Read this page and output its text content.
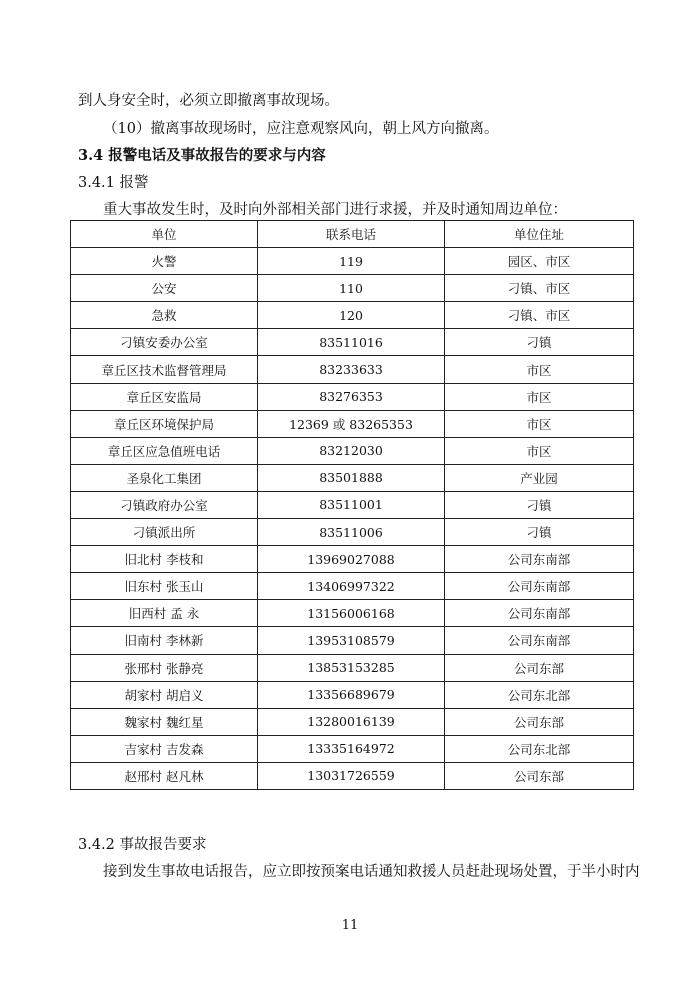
到人身安全时，必须立即撤离事故现场。
（10）撤离事故现场时，应注意观察风向，朝上风方向撤离。
3.4 报警电话及事故报告的要求与内容
3.4.1 报警
重大事故发生时，及时向外部相关部门进行求援，并及时通知周边单位：
单位	联系电话	单位住址
火警	119	园区、市区
公安	110	刁镇、市区
急救	120	刁镇、市区
刁镇安委办公室	83511016	刁镇
章丘区技术监督管理局	83233633	市区
章丘区安监局	83276353	市区
章丘区环境保护局	12369 或 83265353	市区
章丘区应急值班电话	83212030	市区
圣泉化工集团	83501888	产业园
刁镇政府办公室	83511001	刁镇
刁镇派出所	83511006	刁镇
旧北村 李枝和	13969027088	公司东南部
旧东村 张玉山	13406997322	公司东南部
旧西村 孟 永	13156006168	公司东南部
旧南村 李林新	13953108579	公司东南部
张邢村 张静亮	13853153285	公司东部
胡家村 胡启义	13356689679	公司东北部
魏家村 魏红星	13280016139	公司东部
吉家村 吉发森	13335164972	公司东北部
赵邢村 赵凡林	13031726559	公司东部
3.4.2 事故报告要求
接到发生事故电话报告，应立即按预案电话通知救援人员赶赴现场处置，于半小时内
11
